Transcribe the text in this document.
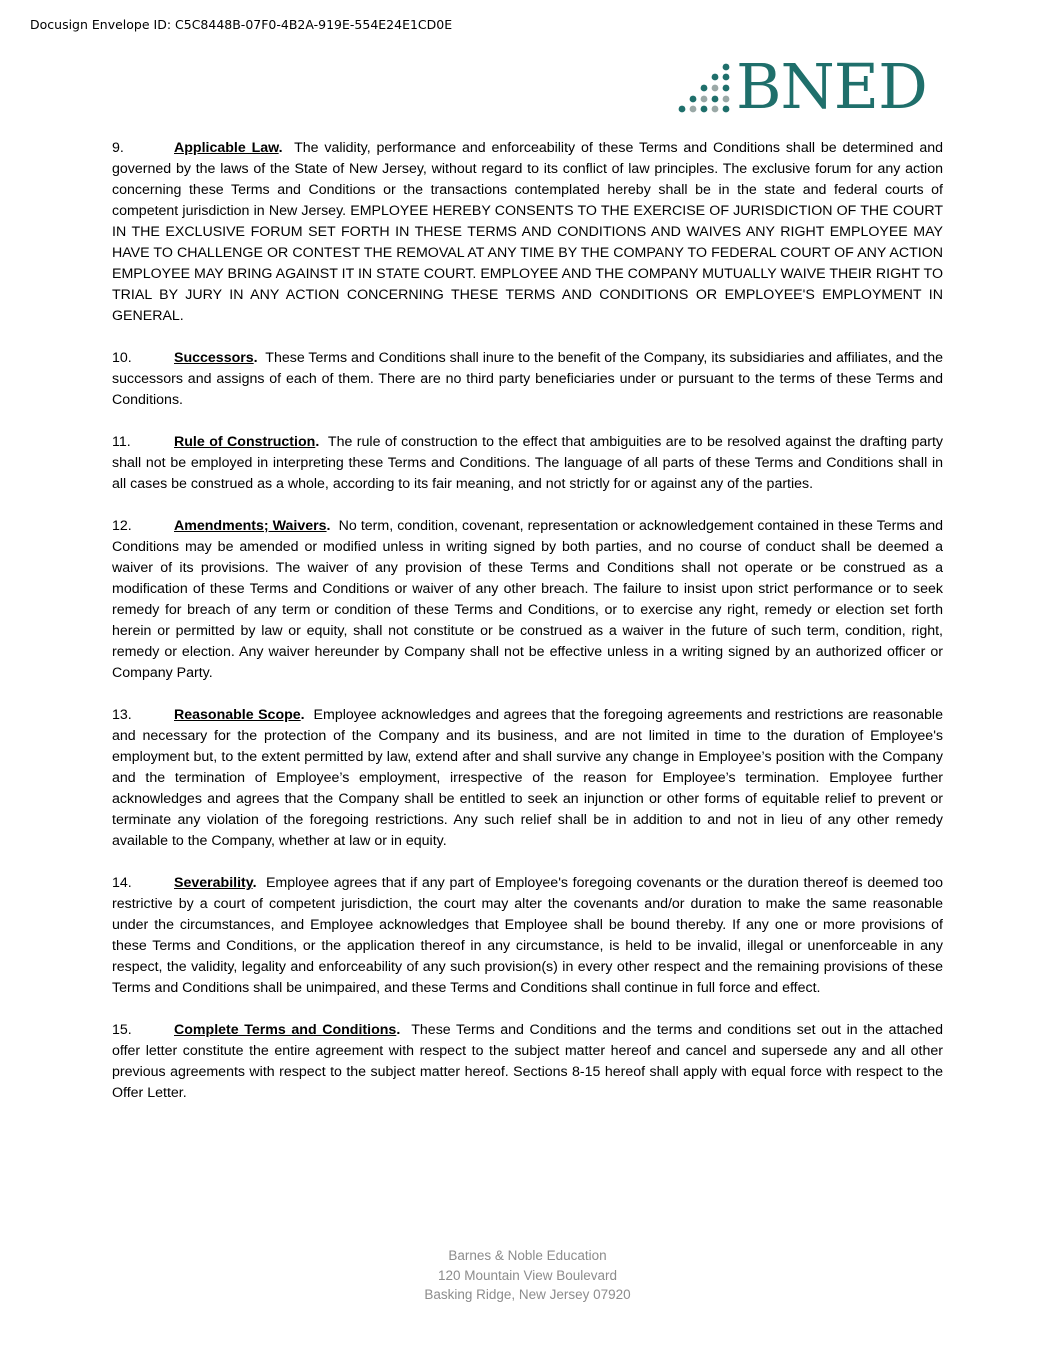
Docusign Envelope ID: C5C8448B-07F0-4B2A-919E-554E24E1CD0E
BNED

9.	Applicable Law. The validity, performance and enforceability of these Terms and Conditions shall be determined and governed by the laws of the State of New Jersey, without regard to its conflict of law principles. The exclusive forum for any action concerning these Terms and Conditions or the transactions contemplated hereby shall be in the state and federal courts of competent jurisdiction in New Jersey. EMPLOYEE HEREBY CONSENTS TO THE EXERCISE OF JURISDICTION OF THE COURT IN THE EXCLUSIVE FORUM SET FORTH IN THESE TERMS AND CONDITIONS AND WAIVES ANY RIGHT EMPLOYEE MAY HAVE TO CHALLENGE OR CONTEST THE REMOVAL AT ANY TIME BY THE COMPANY TO FEDERAL COURT OF ANY ACTION EMPLOYEE MAY BRING AGAINST IT IN STATE COURT. EMPLOYEE AND THE COMPANY MUTUALLY WAIVE THEIR RIGHT TO TRIAL BY JURY IN ANY ACTION CONCERNING THESE TERMS AND CONDITIONS OR EMPLOYEE'S EMPLOYMENT IN GENERAL.

10.	Successors. These Terms and Conditions shall inure to the benefit of the Company, its subsidiaries and affiliates, and the successors and assigns of each of them. There are no third party beneficiaries under or pursuant to the terms of these Terms and Conditions.

11.	Rule of Construction. The rule of construction to the effect that ambiguities are to be resolved against the drafting party shall not be employed in interpreting these Terms and Conditions. The language of all parts of these Terms and Conditions shall in all cases be construed as a whole, according to its fair meaning, and not strictly for or against any of the parties.

12.	Amendments; Waivers. No term, condition, covenant, representation or acknowledgement contained in these Terms and Conditions may be amended or modified unless in writing signed by both parties, and no course of conduct shall be deemed a waiver of its provisions. The waiver of any provision of these Terms and Conditions shall not operate or be construed as a modification of these Terms and Conditions or waiver of any other breach. The failure to insist upon strict performance or to seek remedy for breach of any term or condition of these Terms and Conditions, or to exercise any right, remedy or election set forth herein or permitted by law or equity, shall not constitute or be construed as a waiver in the future of such term, condition, right, remedy or election. Any waiver hereunder by Company shall not be effective unless in a writing signed by an authorized officer or Company Party.

13.	Reasonable Scope. Employee acknowledges and agrees that the foregoing agreements and restrictions are reasonable and necessary for the protection of the Company and its business, and are not limited in time to the duration of Employee's employment but, to the extent permitted by law, extend after and shall survive any change in Employee’s position with the Company and the termination of Employee’s employment, irrespective of the reason for Employee’s termination. Employee further acknowledges and agrees that the Company shall be entitled to seek an injunction or other forms of equitable relief to prevent or terminate any violation of the foregoing restrictions. Any such relief shall be in addition to and not in lieu of any other remedy available to the Company, whether at law or in equity.

14.	Severability. Employee agrees that if any part of Employee's foregoing covenants or the duration thereof is deemed too restrictive by a court of competent jurisdiction, the court may alter the covenants and/or duration to make the same reasonable under the circumstances, and Employee acknowledges that Employee shall be bound thereby. If any one or more provisions of these Terms and Conditions, or the application thereof in any circumstance, is held to be invalid, illegal or unenforceable in any respect, the validity, legality and enforceability of any such provision(s) in every other respect and the remaining provisions of these Terms and Conditions shall be unimpaired, and these Terms and Conditions shall continue in full force and effect.

15.	Complete Terms and Conditions. These Terms and Conditions and the terms and conditions set out in the attached offer letter constitute the entire agreement with respect to the subject matter hereof and cancel and supersede any and all other previous agreements with respect to the subject matter hereof. Sections 8-15 hereof shall apply with equal force with respect to the Offer Letter.

Barnes & Noble Education
120 Mountain View Boulevard
Basking Ridge, New Jersey 07920
